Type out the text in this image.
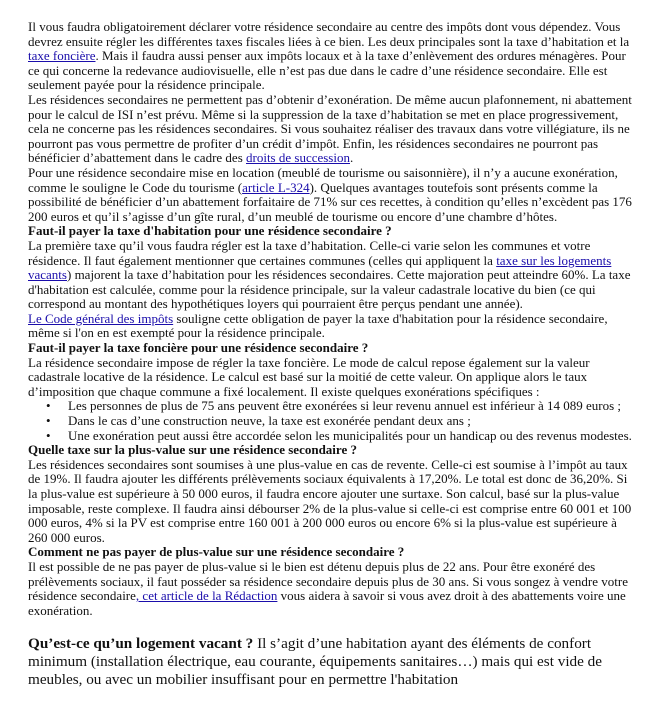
Il vous faudra obligatoirement déclarer votre résidence secondaire au centre des impôts dont vous dépendez. Vous devrez ensuite régler les différentes taxes fiscales liées à ce bien. Les deux principales sont la taxe d’habitation et la taxe foncière. Mais il faudra aussi penser aux impôts locaux et à la taxe d’enlèvement des ordures ménagères. Pour ce qui concerne la redevance audiovisuelle, elle n’est pas due dans le cadre d’une résidence secondaire. Elle est seulement payée pour la résidence principale.

Les résidences secondaires ne permettent pas d’obtenir d’exonération. De même aucun plafonnement, ni abattement pour le calcul de ISI n’est prévu. Même si la suppression de la taxe d’habitation se met en place progressivement, cela ne concerne pas les résidences secondaires. Si vous souhaitez réaliser des travaux dans votre villégiature, ils ne pourront pas vous permettre de profiter d’un crédit d’impôt. Enfin, les résidences secondaires ne pourront pas bénéficier d’abattement dans le cadre des droits de succession.

Pour une résidence secondaire mise en location (meublé de tourisme ou saisonnière), il n’y a aucune exonération, comme le souligne le Code du tourisme (article L-324). Quelques avantages toutefois sont présents comme la possibilité de bénéficier d’un abattement forfaitaire de 71% sur ces recettes, à condition qu’elles n’excèdent pas 176 200 euros et qu’il s’agisse d’un gîte rural, d’un meublé de tourisme ou encore d’une chambre d’hôtes.

Faut-il payer la taxe d'habitation pour une résidence secondaire ?

La première taxe qu’il vous faudra régler est la taxe d’habitation. Celle-ci varie selon les communes et votre résidence. Il faut également mentionner que certaines communes (celles qui appliquent la taxe sur les logements vacants) majorent la taxe d’habitation pour les résidences secondaires. Cette majoration peut atteindre 60%. La taxe d'habitation est calculée, comme pour la résidence principale, sur la valeur cadastrale locative du bien (ce qui correspond au montant des hypothétiques loyers qui pourraient être perçus pendant une année).

Le Code général des impôts souligne cette obligation de payer la taxe d'habitation pour la résidence secondaire, même si l'on en est exempté pour la résidence principale.

Faut-il payer la taxe foncière pour une résidence secondaire ?

La résidence secondaire impose de régler la taxe foncière. Le mode de calcul repose également sur la valeur cadastrale locative de la résidence. Le calcul est basé sur la moitié de cette valeur. On applique alors le taux d’imposition que chaque commune a fixé localement. Il existe quelques exonérations spécifiques :

• Les personnes de plus de 75 ans peuvent être exonérées si leur revenu annuel est inférieur à 14 089 euros ;
• Dans le cas d’une construction neuve, la taxe est exonérée pendant deux ans ;
• Une exonération peut aussi être accordée selon les municipalités pour un handicap ou des revenus modestes.
Quelle taxe sur la plus-value sur une résidence secondaire ?

Les résidences secondaires sont soumises à une plus-value en cas de revente. Celle-ci est soumise à l’impôt au taux de 19%. Il faudra ajouter les différents prélèvements sociaux équivalents à 17,20%. Le total est donc de 36,20%. Si la plus-value est supérieure à 50 000 euros, il faudra encore ajouter une surtaxe. Son calcul, basé sur la plus-value imposable, reste complexe. Il faudra ainsi débourser 2% de la plus-value si celle-ci est comprise entre 60 001 et 100 000 euros, 4% si la PV est comprise entre 160 001 à 200 000 euros ou encore 6% si la plus-value est supérieure à 260 000 euros.

Comment ne pas payer de plus-value sur une résidence secondaire ?

Il est possible de ne pas payer de plus-value si le bien est détenu depuis plus de 22 ans. Pour être exonéré des prélèvements sociaux, il faut posséder sa résidence secondaire depuis plus de 30 ans. Si vous songez à vendre votre résidence secondaire, cet article de la Rédaction vous aidera à savoir si vous avez droit à des abattements voire une exonération.

Qu’est-ce qu’un logement vacant ? Il s’agit d’une habitation ayant des éléments de confort minimum (installation électrique, eau courante, équipements sanitaires…) mais qui est vide de meubles, ou avec un mobilier insuffisant pour en permettre l'habitation
